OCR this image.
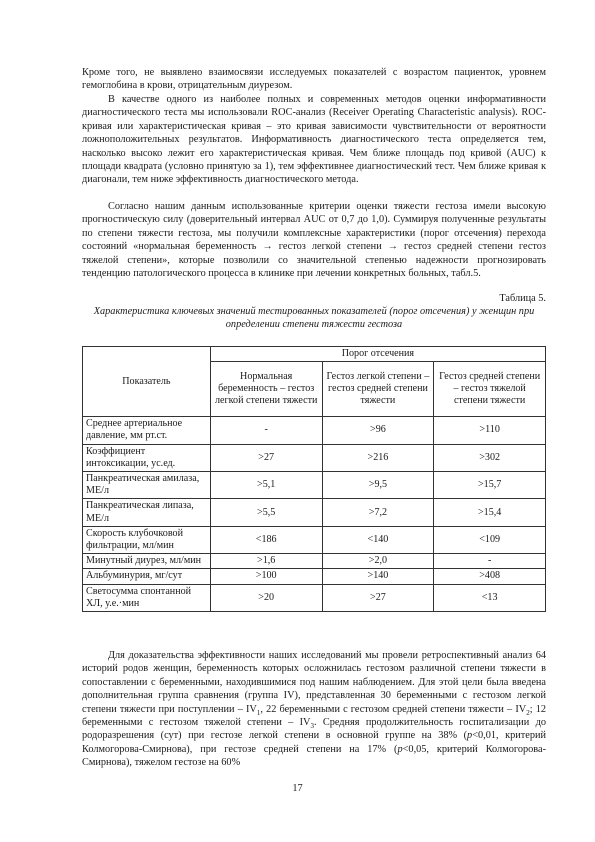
Кроме того, не выявлено взаимосвязи исследуемых показателей с возрастом пациенток, уровнем гемоглобина в крови, отрицательным диурезом.

В качестве одного из наиболее полных и современных методов оценки информативности диагностического теста мы использовали ROC-анализ (Receiver Operating Characteristic analysis). ROC-кривая или характеристическая кривая – это кривая зависимости чувствительности от вероятности ложноположительных результатов. Информативность диагностического теста определяется тем, насколько высоко лежит его характеристическая кривая. Чем ближе площадь под кривой (AUC) к площади квадрата (условно принятую за 1), тем эффективнее диагностический тест. Чем ближе кривая к диагонали, тем ниже эффективность диагностического метода.

Согласно нашим данным использованные критерии оценки тяжести гестоза имели высокую прогностическую силу (доверительный интервал AUC от 0,7 до 1,0). Суммируя полученные результаты по степени тяжести гестоза, мы получили комплексные характеристики (порог отсечения) перехода состояний «нормальная беременность → гестоз легкой степени → гестоз средней степени гестоз тяжелой степени», которые позволили со значительной степенью надежности прогнозировать тенденцию патологического процесса в клинике при лечении конкретных больных, табл.5.

Таблица 5.
Характеристика ключевых значений тестированных показателей (порог отсечения) у женщин при определении степени тяжести гестоза
Показатель	Порог отсечения		
	Нормальная беременность – гестоз легкой степени тяжести	Гестоз легкой степени – гестоз средней степени тяжести	Гестоз средней степени – гестоз тяжелой степени тяжести
Среднее артериальное давление, мм рт.ст.	-	>96	>110
Коэффициент интоксикации, ус.ед.	>27	>216	>302
Панкреатическая амилаза, МЕ/л	>5,1	>9,5	>15,7
Панкреатическая липаза, МЕ/л	>5,5	>7,2	>15,4
Скорость клубочковой фильтрации, мл/мин	<186	<140	<109
Минутный диурез, мл/мин	>1,6	>2,0	-
Альбуминурия, мг/сут	>100	>140	>408
Светосумма спонтанной ХЛ, у.е.·мин	>20	>27	<13

Для доказательства эффективности наших исследований мы провели ретроспективный анализ 64 историй родов женщин, беременность которых осложнилась гестозом различной степени тяжести в сопоставлении с беременными, находившимися под нашим наблюдением. Для этой цели была введена дополнительная группа сравнения (группа IV), представленная 30 беременными с гестозом легкой степени тяжести при поступлении – $IV_1$, 22 беременными с гестозом средней степени тяжести – $IV_2$; 12 беременными с гестозом тяжелой степени – $IV_3$. Средняя продолжительность госпитализации до родоразрешения (сут) при гестозе легкой степени в основной группе на 38% (p<0,01, критерий Колмогорова-Смирнова), при гестозе средней степени на 17% (p<0,05, критерий Колмогорова-Смирнова), тяжелом гестозе на 60%

17
